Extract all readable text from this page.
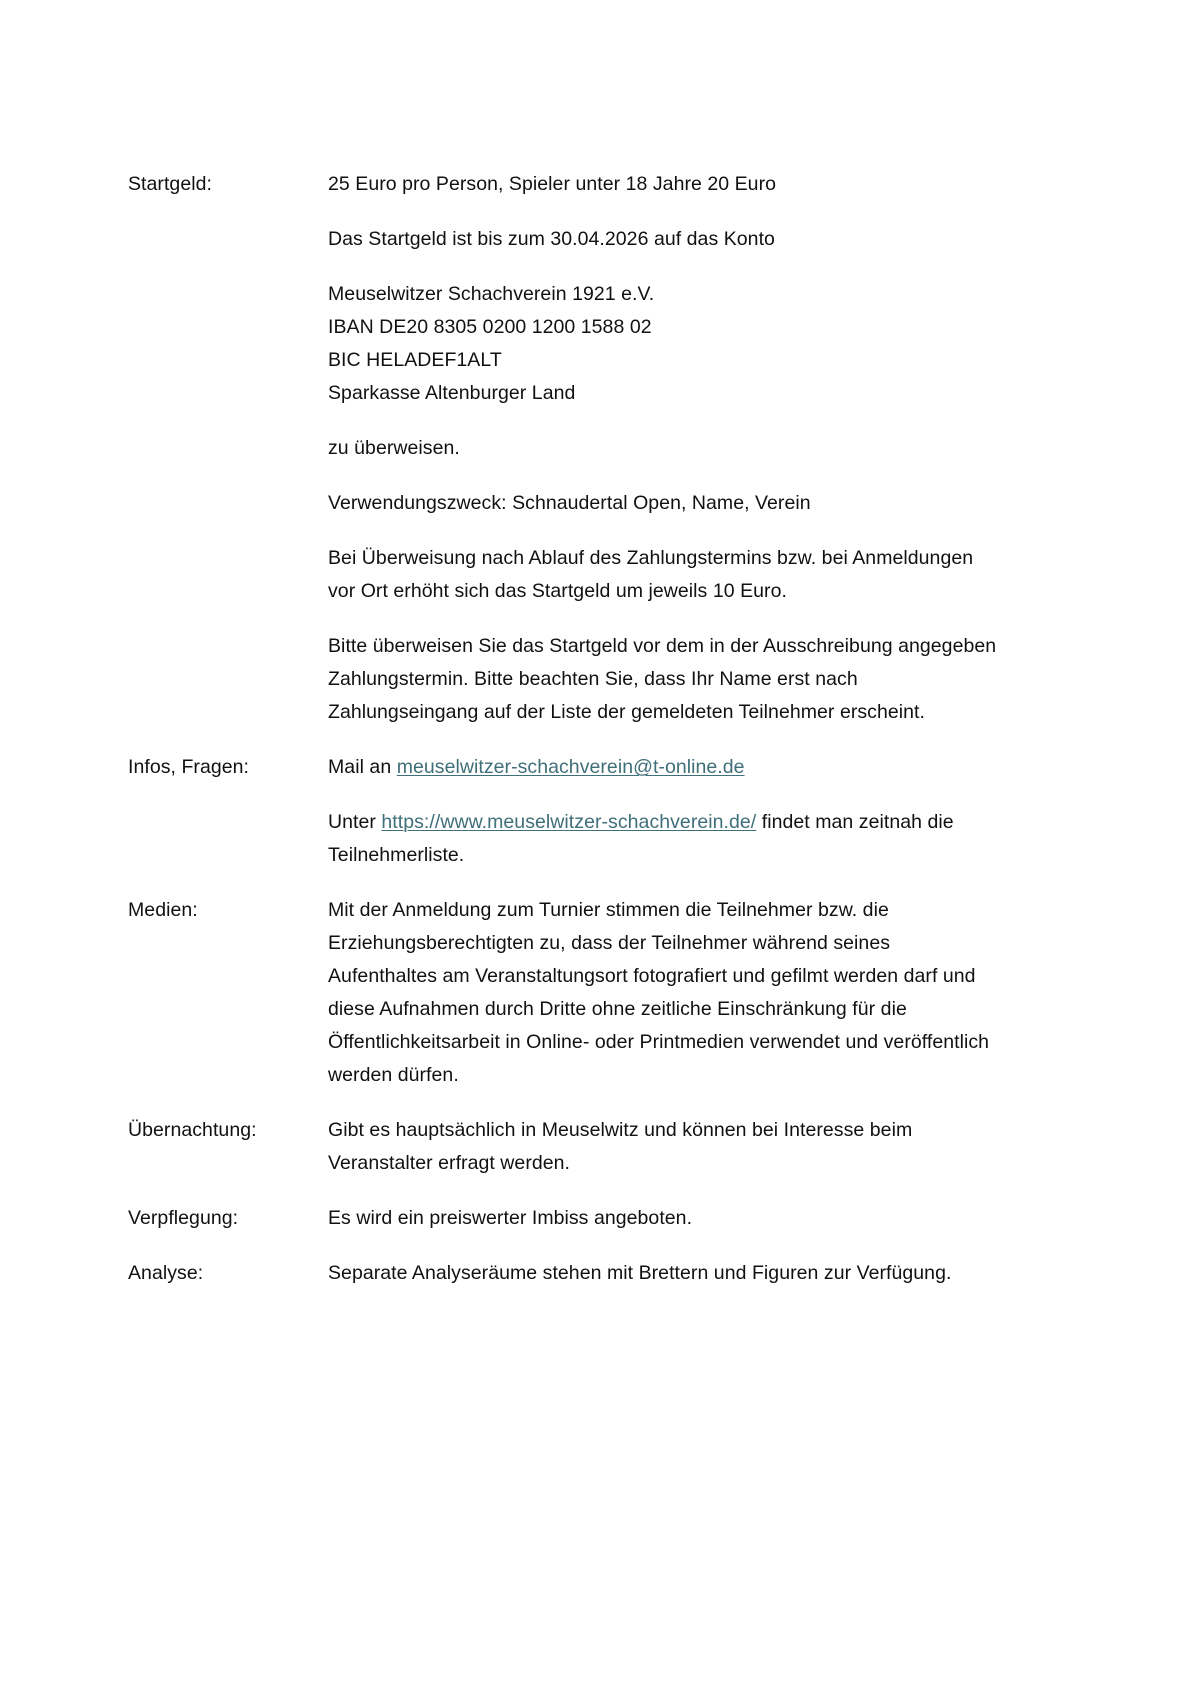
Startgeld:	25 Euro pro Person, Spieler unter 18 Jahre 20 Euro

Das Startgeld ist bis zum 30.04.2026 auf das Konto

Meuselwitzer Schachverein 1921 e.V.
IBAN DE20 8305 0200 1200 1588 02
BIC HELADEF1ALT
Sparkasse Altenburger Land

zu überweisen.

Verwendungszweck: Schnaudertal Open, Name, Verein

Bei Überweisung nach Ablauf des Zahlungstermins bzw. bei Anmeldungen vor Ort erhöht sich das Startgeld um jeweils 10 Euro.

Bitte überweisen Sie das Startgeld vor dem in der Ausschreibung angegeben Zahlungstermin. Bitte beachten Sie, dass Ihr Name erst nach Zahlungseingang auf der Liste der gemeldeten Teilnehmer erscheint.

Infos, Fragen:	Mail an meuselwitzer-schachverein@t-online.de

Unter https://www.meuselwitzer-schachverein.de/ findet man zeitnah die Teilnehmerliste.

Medien:	Mit der Anmeldung zum Turnier stimmen die Teilnehmer bzw. die Erziehungsberechtigten zu, dass der Teilnehmer während seines Aufenthaltes am Veranstaltungsort fotografiert und gefilmt werden darf und diese Aufnahmen durch Dritte ohne zeitliche Einschränkung für die Öffentlichkeitsarbeit in Online- oder Printmedien verwendet und veröffentlich werden dürfen.

Übernachtung:	Gibt es hauptsächlich in Meuselwitz und können bei Interesse beim Veranstalter erfragt werden.

Verpflegung:	Es wird ein preiswerter Imbiss angeboten.

Analyse:	Separate Analyseräume stehen mit Brettern und Figuren zur Verfügung.
